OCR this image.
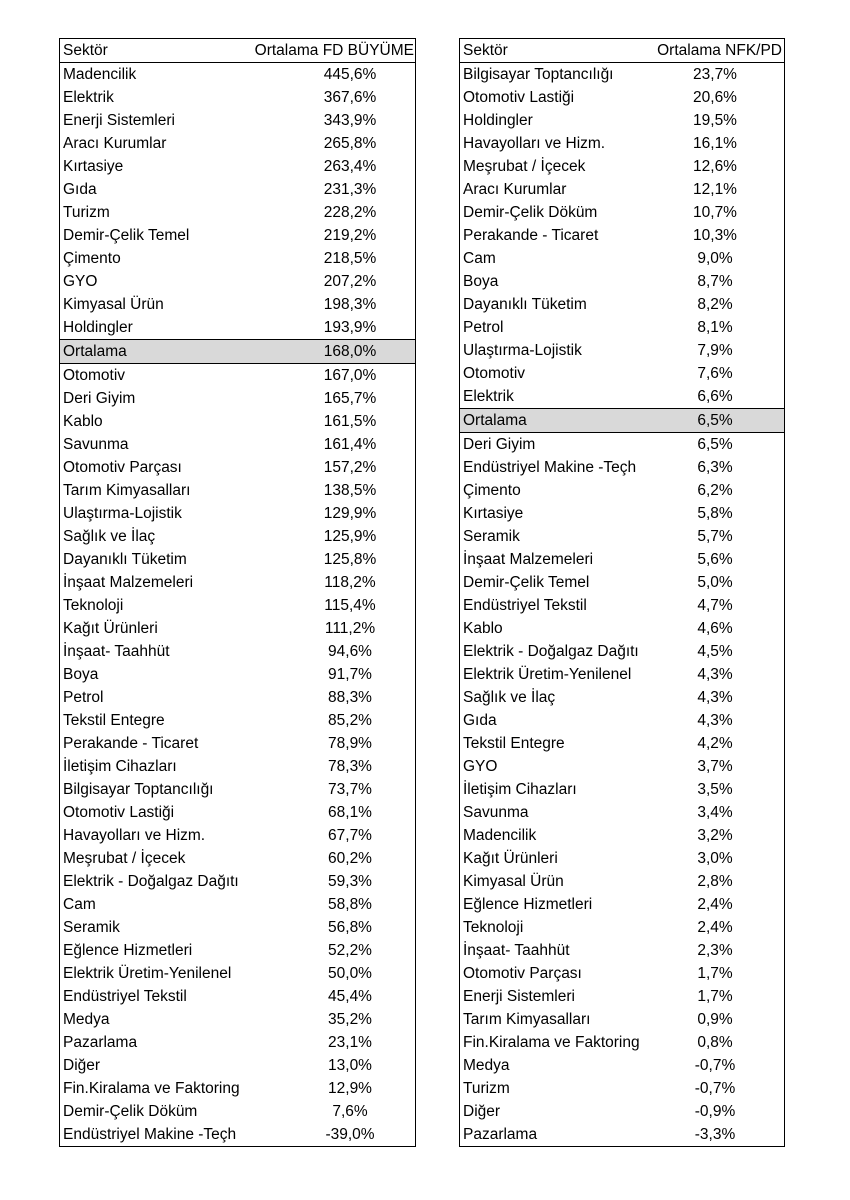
Sektör	Ortalama FD BÜYÜME
Madencilik	445,6%
Elektrik	367,6%
Enerji Sistemleri	343,9%
Aracı Kurumlar	265,8%
Kırtasiye	263,4%
Gıda	231,3%
Turizm	228,2%
Demir-Çelik Temel	219,2%
Çimento	218,5%
GYO	207,2%
Kimyasal Ürün	198,3%
Holdingler	193,9%
Ortalama	168,0%
Otomotiv	167,0%
Deri Giyim	165,7%
Kablo	161,5%
Savunma	161,4%
Otomotiv Parçası	157,2%
Tarım Kimyasalları	138,5%
Ulaştırma-Lojistik	129,9%
Sağlık ve İlaç	125,9%
Dayanıklı Tüketim	125,8%
İnşaat Malzemeleri	118,2%
Teknoloji	115,4%
Kağıt Ürünleri	111,2%
İnşaat- Taahhüt	94,6%
Boya	91,7%
Petrol	88,3%
Tekstil Entegre	85,2%
Perakande - Ticaret	78,9%
İletişim Cihazları	78,3%
Bilgisayar Toptancılığı	73,7%
Otomotiv Lastiği	68,1%
Havayolları ve Hizm.	67,7%
Meşrubat / İçecek	60,2%
Elektrik - Doğalgaz Dağıtı	59,3%
Cam	58,8%
Seramik	56,8%
Eğlence Hizmetleri	52,2%
Elektrik Üretim-Yenilenel	50,0%
Endüstriyel Tekstil	45,4%
Medya	35,2%
Pazarlama	23,1%
Diğer	13,0%
Fin.Kiralama ve Faktoring	12,9%
Demir-Çelik Döküm	7,6%
Endüstriyel Makine -Teçh	-39,0%
Sektör	Ortalama NFK/PD
Bilgisayar Toptancılığı	23,7%
Otomotiv Lastiği	20,6%
Holdingler	19,5%
Havayolları ve Hizm.	16,1%
Meşrubat / İçecek	12,6%
Aracı Kurumlar	12,1%
Demir-Çelik Döküm	10,7%
Perakande - Ticaret	10,3%
Cam	9,0%
Boya	8,7%
Dayanıklı Tüketim	8,2%
Petrol	8,1%
Ulaştırma-Lojistik	7,9%
Otomotiv	7,6%
Elektrik	6,6%
Ortalama	6,5%
Deri Giyim	6,5%
Endüstriyel Makine -Teçh	6,3%
Çimento	6,2%
Kırtasiye	5,8%
Seramik	5,7%
İnşaat Malzemeleri	5,6%
Demir-Çelik Temel	5,0%
Endüstriyel Tekstil	4,7%
Kablo	4,6%
Elektrik - Doğalgaz Dağıtı	4,5%
Elektrik Üretim-Yenilenel	4,3%
Sağlık ve İlaç	4,3%
Gıda	4,3%
Tekstil Entegre	4,2%
GYO	3,7%
İletişim Cihazları	3,5%
Savunma	3,4%
Madencilik	3,2%
Kağıt Ürünleri	3,0%
Kimyasal Ürün	2,8%
Eğlence Hizmetleri	2,4%
Teknoloji	2,4%
İnşaat- Taahhüt	2,3%
Otomotiv Parçası	1,7%
Enerji Sistemleri	1,7%
Tarım Kimyasalları	0,9%
Fin.Kiralama ve Faktoring	0,8%
Medya	-0,7%
Turizm	-0,7%
Diğer	-0,9%
Pazarlama	-3,3%
